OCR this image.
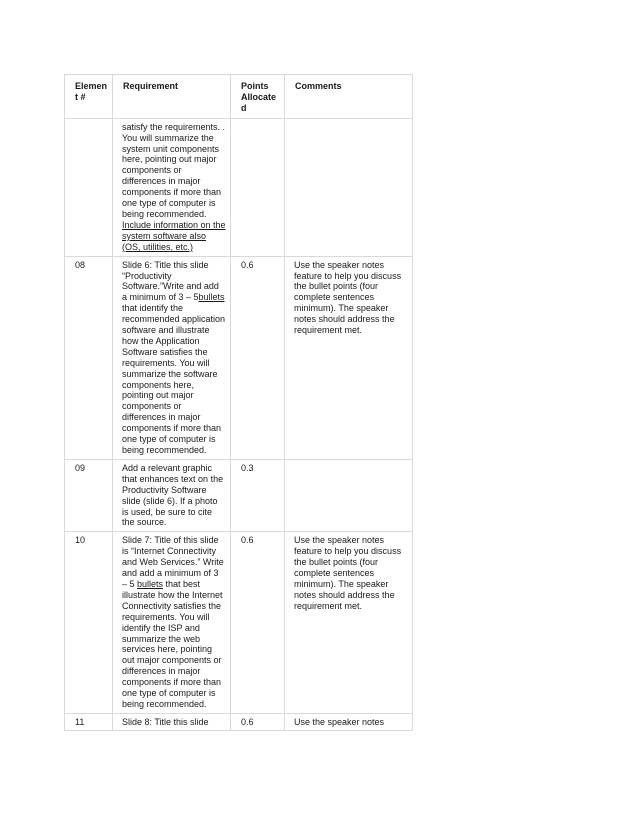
Element #	Requirement	Points Allocated	Comments
	satisfy the requirements. . You will summarize the system unit components here, pointing out major components or differences in major components if more than one type of computer is being recommended. Include information on the system software also (OS, utilities, etc.)		
08	Slide 6: Title this slide “Productivity Software.”Write and add a minimum of 3 – 5bullets that identify the recommended application software and illustrate how the Application Software satisfies the requirements. You will summarize the software components here, pointing out major components or differences in major components if more than one type of computer is being recommended.	0.6	Use the speaker notes feature to help you discuss the bullet points (four complete sentences minimum). The speaker notes should address the requirement met.
09	Add a relevant graphic that enhances text on the Productivity Software slide (slide 6). If a photo is used, be sure to cite the source.	0.3	
10	Slide 7: Title of this slide is “Internet Connectivity and Web Services.” Write and add a minimum of 3 – 5 bullets that best illustrate how the Internet Connectivity satisfies the requirements. You will identify the ISP and summarize the web services here, pointing out major components or differences in major components if more than one type of computer is being recommended.	0.6	Use the speaker notes feature to help you discuss the bullet points (four complete sentences minimum). The speaker notes should address the requirement met.
11	Slide 8: Title this slide	0.6	Use the speaker notes
